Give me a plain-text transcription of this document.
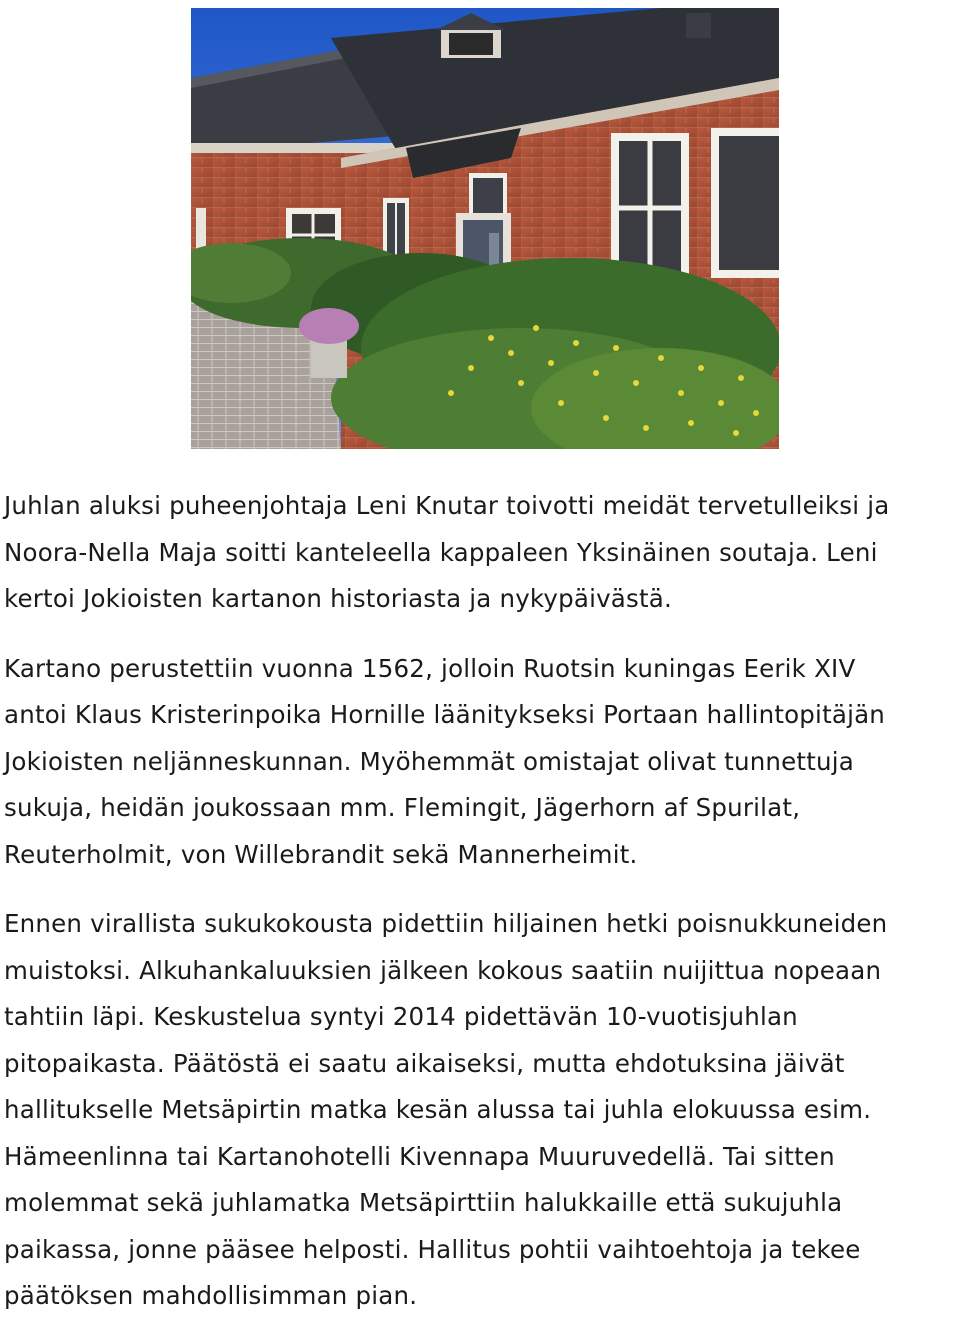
Juhlan aluksi puheenjohtaja Leni Knutar toivotti meidät tervetulleiksi ja
Noora-Nella Maja soitti kanteleella kappaleen Yksinäinen soutaja. Leni
kertoi Jokioisten kartanon historiasta ja nykypäivästä.

Kartano perustettiin vuonna 1562, jolloin Ruotsin kuningas Eerik XIV
antoi Klaus Kristerinpoika Hornille läänitykseksi Portaan hallintopitäjän
Jokioisten neljänneskunnan. Myöhemmät omistajat olivat tunnettuja
sukuja, heidän joukossaan mm. Flemingit, Jägerhorn af Spurilat,
Reuterholmit, von Willebrandit sekä Mannerheimit.

Ennen virallista sukukokousta pidettiin hiljainen hetki poisnukkuneiden
muistoksi. Alkuhankaluuksien jälkeen kokous saatiin nuijittua nopeaan
tahtiin läpi. Keskustelua syntyi 2014 pidettävän 10-vuotisjuhlan
pitopaikasta. Päätöstä ei saatu aikaiseksi, mutta ehdotuksina jäivät
hallitukselle Metsäpirtin matka kesän alussa tai juhla elokuussa esim.
Hämeenlinna tai Kartanohotelli Kivennapa Muuruvedellä. Tai sitten
molemmat sekä juhlamatka Metsäpirttiin halukkaille että sukujuhla
paikassa, jonne pääsee helposti. Hallitus pohtii vaihtoehtoja ja tekee
päätöksen mahdollisimman pian.
